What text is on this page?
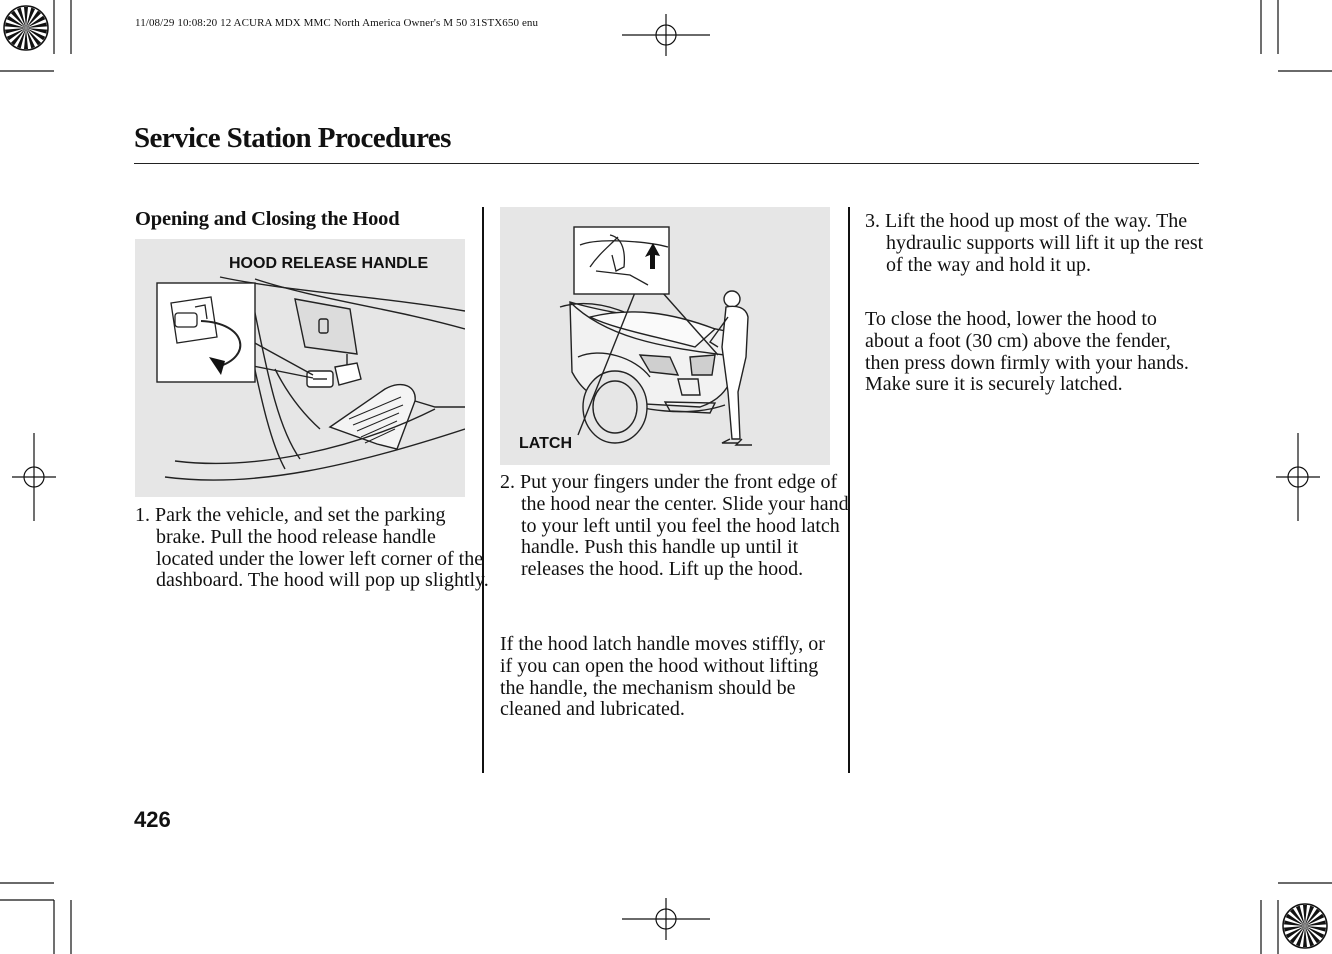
11/08/29 10:08:20 12 ACURA MDX MMC North America Owner's M 50 31STX650 enu
Service Station Procedures
Opening and Closing the Hood
HOOD RELEASE HANDLE
1. Park the vehicle, and set the parking brake. Pull the hood release handle located under the lower left corner of the dashboard. The hood will pop up slightly.
LATCH
2. Put your fingers under the front edge of the hood near the center. Slide your hand to your left until you feel the hood latch handle. Push this handle up until it releases the hood. Lift up the hood.
If the hood latch handle moves stiffly, or if you can open the hood without lifting the handle, the mechanism should be cleaned and lubricated.
3. Lift the hood up most of the way. The hydraulic supports will lift it up the rest of the way and hold it up.
To close the hood, lower the hood to about a foot (30 cm) above the fender, then press down firmly with your hands. Make sure it is securely latched.
426
